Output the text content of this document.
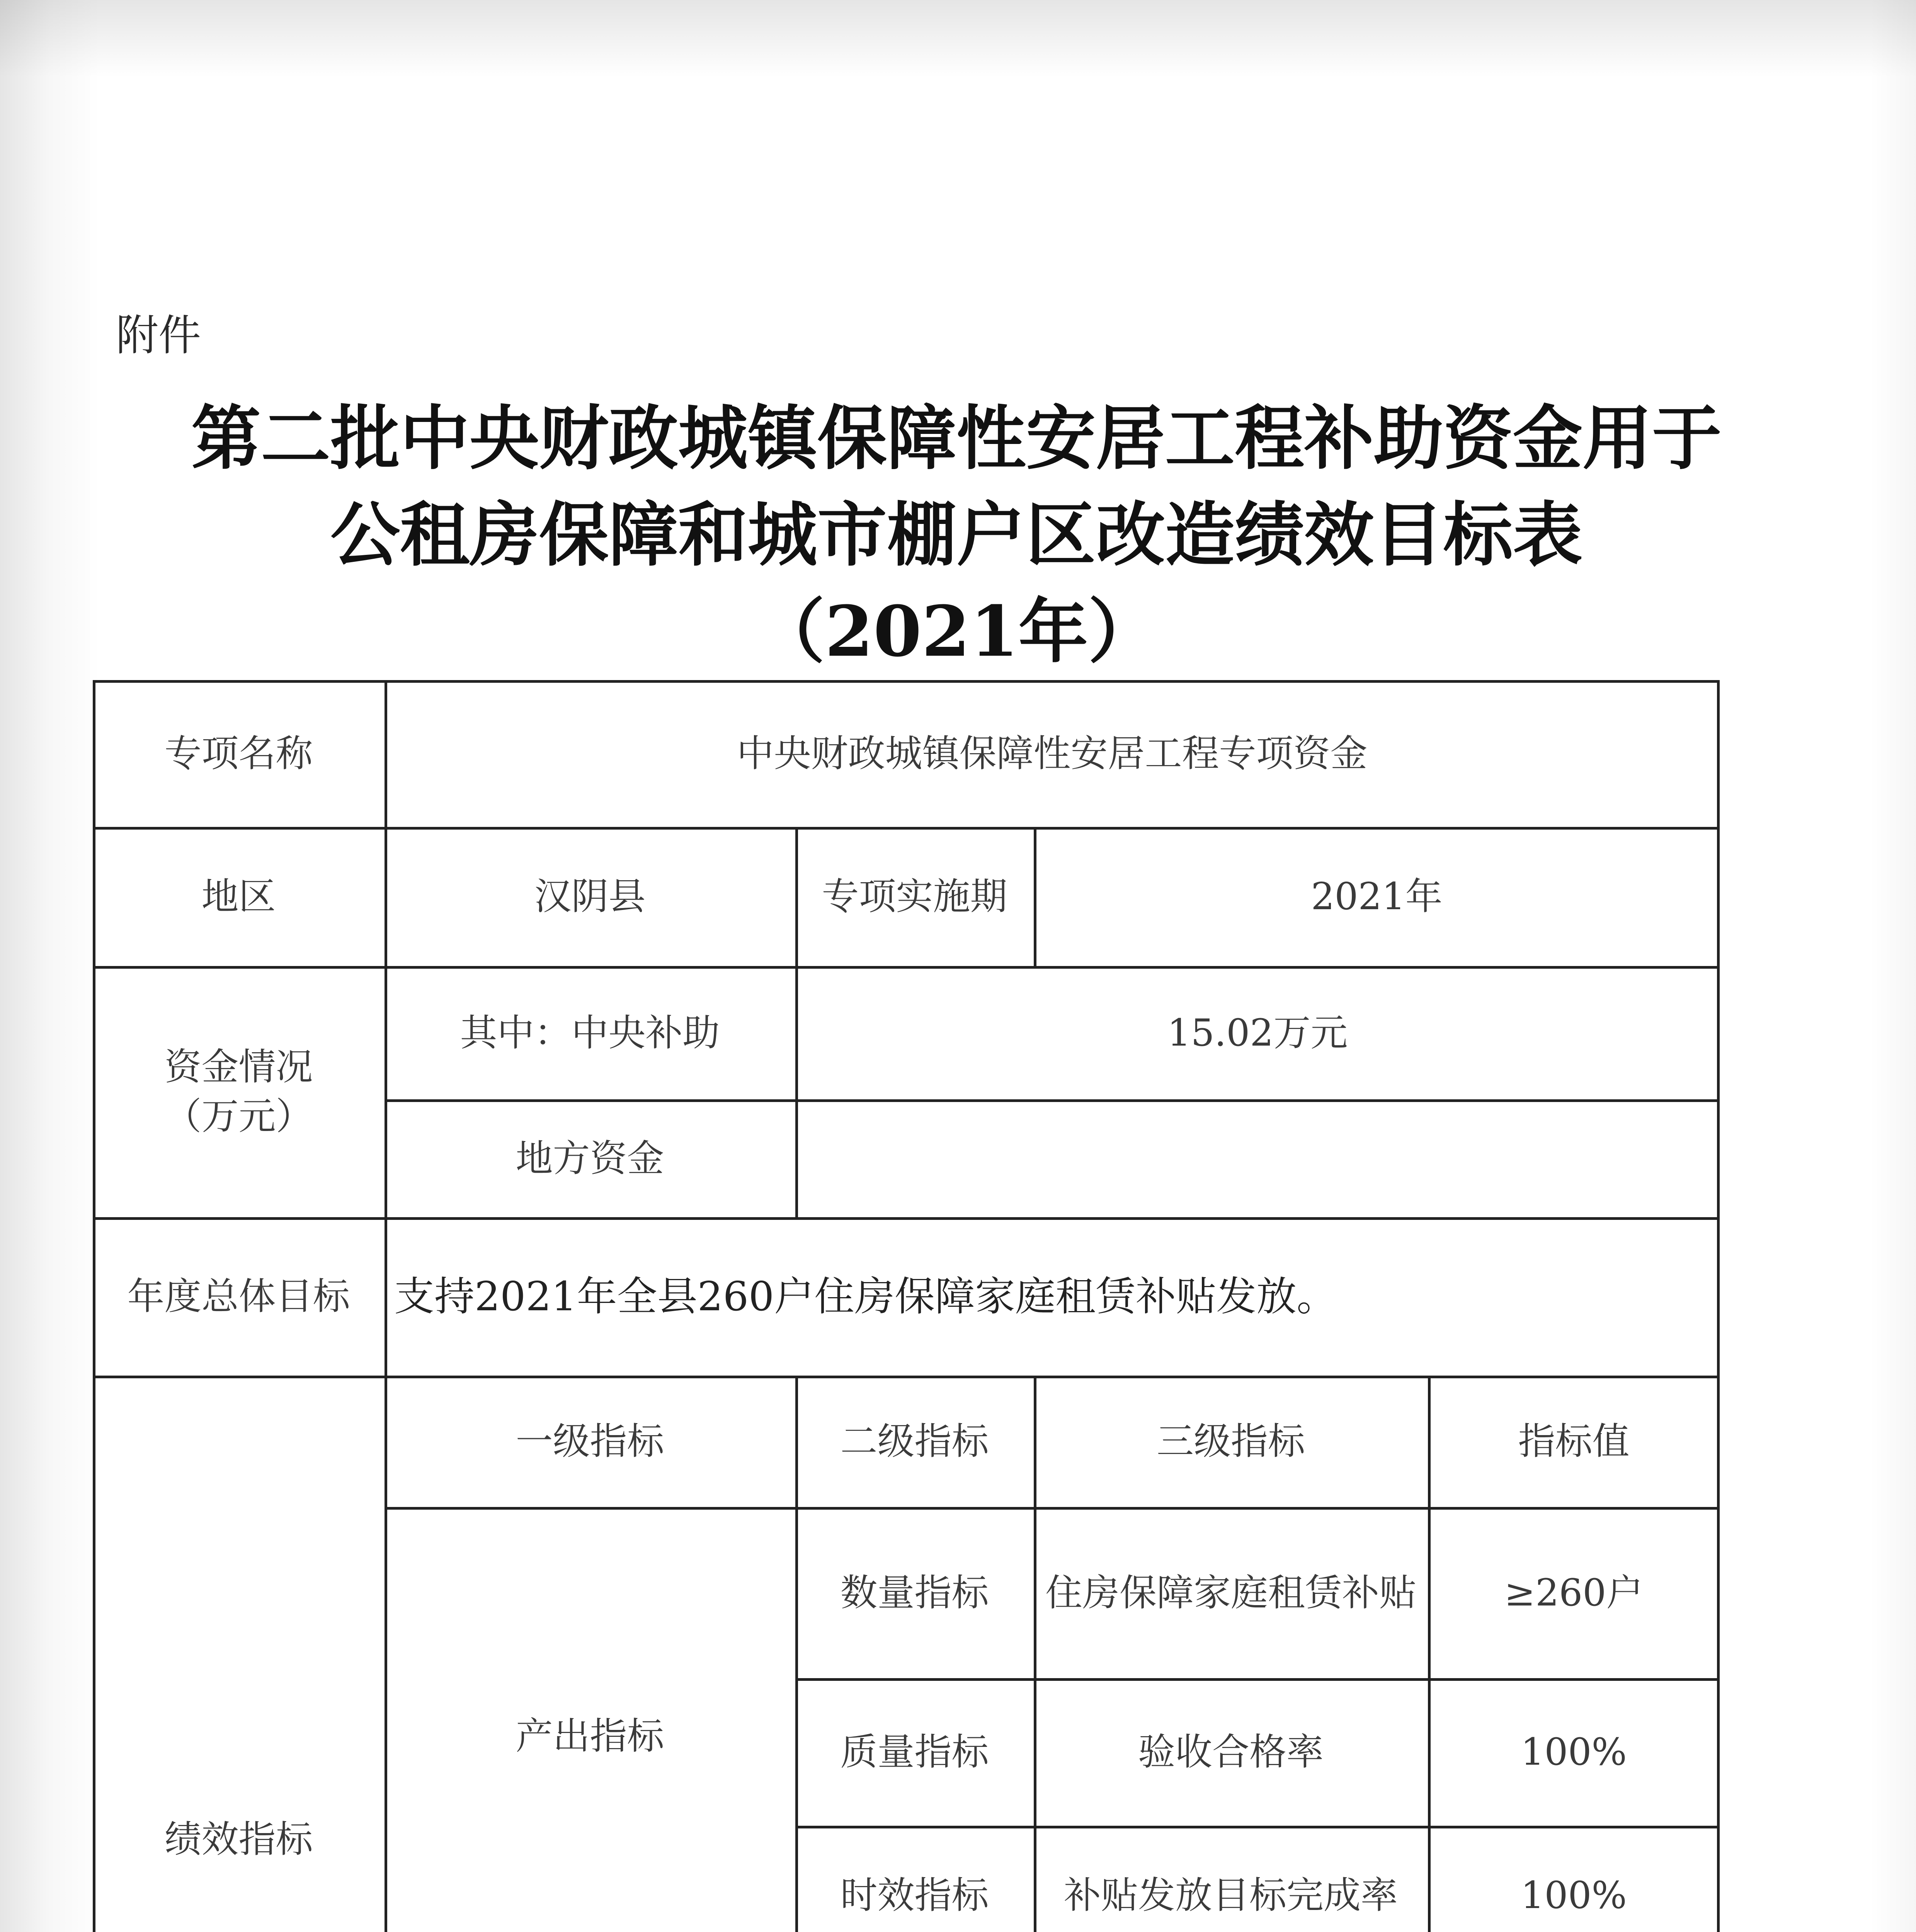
附件
第二批中央财政城镇保障性安居工程补助资金用于
公租房保障和城市棚户区改造绩效目标表
（2021年）
专项名称	中央财政城镇保障性安居工程专项资金
地区	汉阴县	专项实施期	2021年
资金情况
（万元）
其中：中央补助	15.02万元
地方资金
年度总体目标	支持2021年全县260户住房保障家庭租赁补贴发放。
绩效指标
一级指标	二级指标	三级指标	指标值
产出指标
数量指标	住房保障家庭租赁补贴	≥260户
质量指标	验收合格率	100%
时效指标	补贴发放目标完成率	100%
